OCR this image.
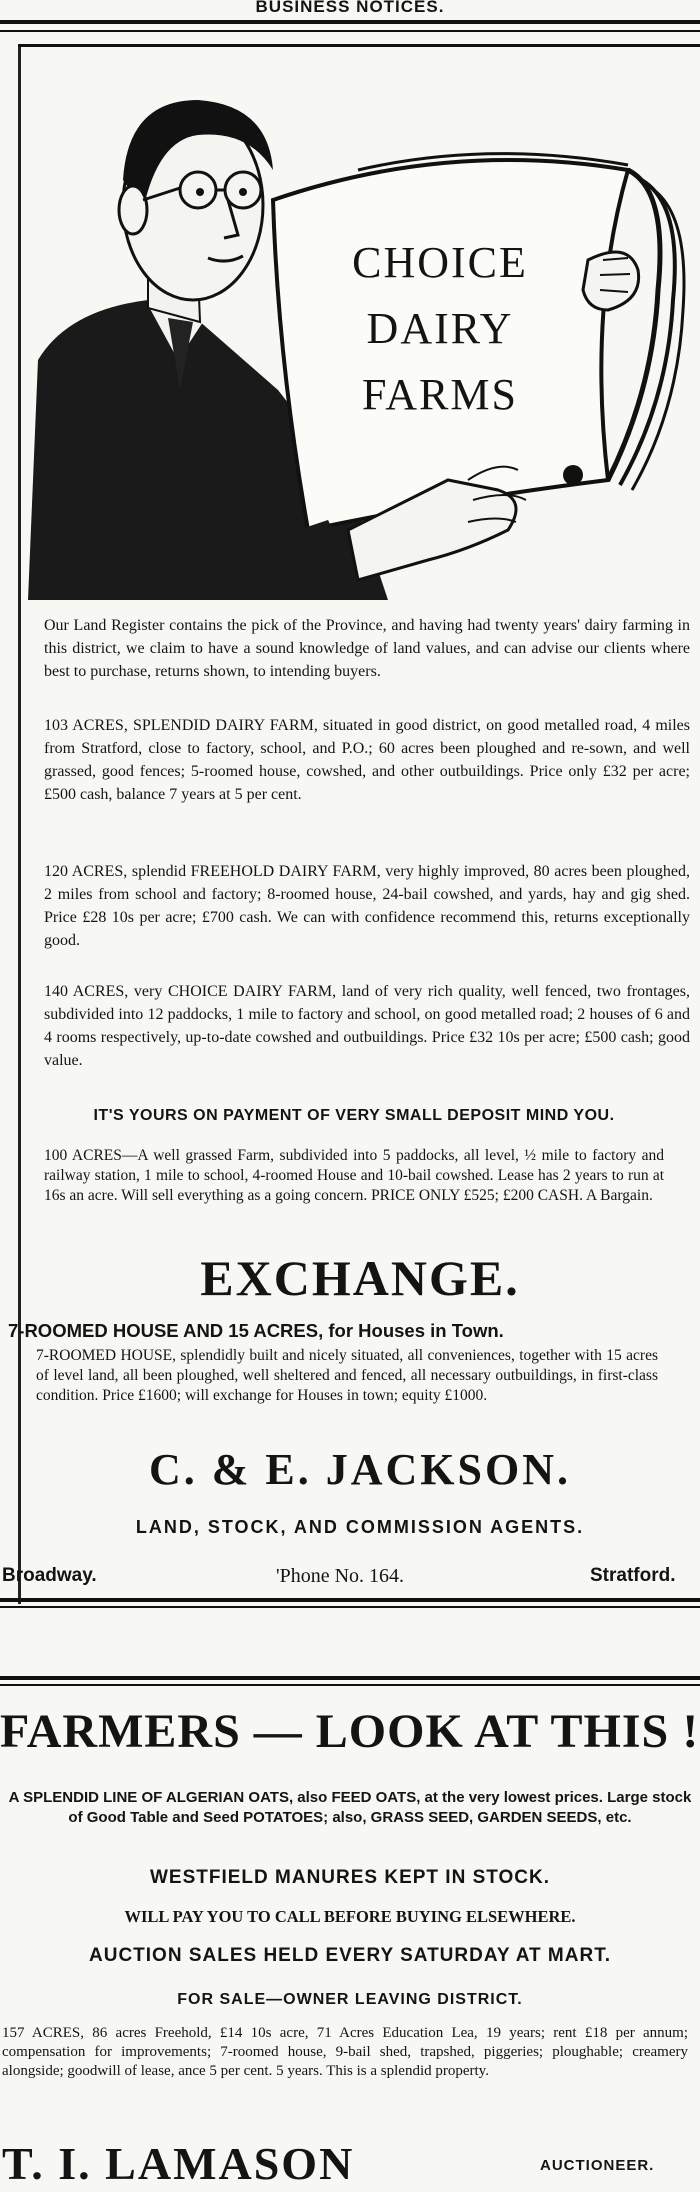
BUSINESS NOTICES.
CHOICE
DAIRY
FARMS
Our Land Register contains the pick of the Province, and having had twenty years' dairy farming in this district, we claim to have a sound knowledge of land values, and can advise our clients where best to purchase, returns shown, to intending buyers.
103 ACRES, SPLENDID DAIRY FARM, situated in good district, on good metalled road, 4 miles from Stratford, close to factory, school, and P.O.; 60 acres been ploughed and re-sown, and well grassed, good fences; 5-roomed house, cowshed, and other outbuildings. Price only £32 per acre; £500 cash, balance 7 years at 5 per cent.
120 ACRES, splendid FREEHOLD DAIRY FARM, very highly improved, 80 acres been ploughed, 2 miles from school and factory; 8-roomed house, 24-bail cowshed, and yards, hay and gig shed. Price £28 10s per acre; £700 cash. We can with confidence recommend this, returns exceptionally good.
140 ACRES, very CHOICE DAIRY FARM, land of very rich quality, well fenced, two frontages, subdivided into 12 paddocks, 1 mile to factory and school, on good metalled road; 2 houses of 6 and 4 rooms respectively, up-to-date cowshed and outbuildings. Price £32 10s per acre; £500 cash; good value.
IT'S YOURS ON PAYMENT OF VERY SMALL DEPOSIT MIND YOU.
100 ACRES—A well grassed Farm, subdivided into 5 paddocks, all level, ½ mile to factory and railway station, 1 mile to school, 4-roomed House and 10-bail cowshed. Lease has 2 years to run at 16s an acre. Will sell everything as a going concern. PRICE ONLY £525; £200 CASH. A Bargain.
EXCHANGE.
7-ROOMED HOUSE AND 15 ACRES, for Houses in Town.
7-ROOMED HOUSE, splendidly built and nicely situated, all conveniences, together with 15 acres of level land, all been ploughed, well sheltered and fenced, all necessary outbuildings, in first-class condition. Price £1600; will exchange for Houses in town; equity £1000.
C. & E. JACKSON.
LAND, STOCK, AND COMMISSION AGENTS.
Broadway.	'Phone No. 164.	Stratford.
FARMERS — LOOK AT THIS !
A SPLENDID LINE OF ALGERIAN OATS, also FEED OATS, at the very lowest prices. Large stock of Good Table and Seed POTATOES; also, GRASS SEED, GARDEN SEEDS, etc.
WESTFIELD MANURES KEPT IN STOCK.
WILL PAY YOU TO CALL BEFORE BUYING ELSEWHERE.
AUCTION SALES HELD EVERY SATURDAY AT MART.
FOR SALE—OWNER LEAVING DISTRICT.
157 ACRES, 86 acres Freehold, £14 10s acre, 71 Acres Education Lea, 19 years; rent £18 per annum; compensation for improvements; 7-roomed house, 9-bail shed, trapshed, piggeries; ploughable; creamery alongside; goodwill of lease, ance 5 per cent. 5 years. This is a splendid property.
T. I. LAMASON	AUCTIONEER.
